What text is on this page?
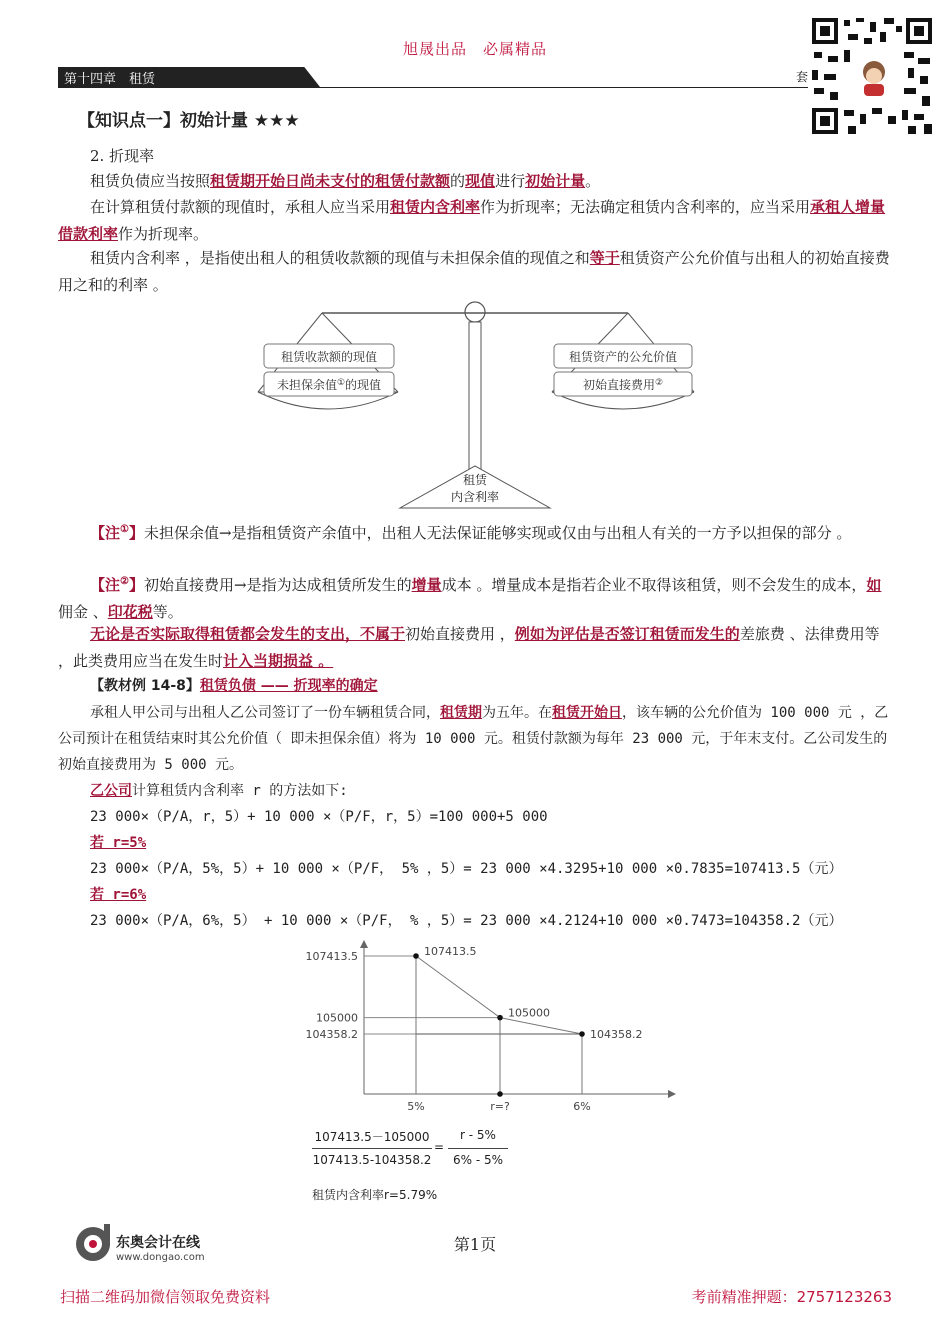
旭晟出品　必属精品
第十四章　租赁	套
【知识点一】初始计量 ★★★
2. 折现率
租赁负债应当按照租赁期开始日尚未支付的租赁付款额的现值进行初始计量。
在计算租赁付款额的现值时，承租人应当采用租赁内含利率作为折现率；无法确定租赁内含利率的，应当采用承租人增量借款利率作为折现率。
租赁内含利率 ，是指使出租人的租赁收款额的现值与未担保余值的现值之和等于租赁资产公允价值与出租人的初始直接费用之和的利率 。
租赁收款额的现值
未担保余值①的现值
租赁资产的公允价值
初始直接费用②
租赁
内含利率
【注①】未担保余值→是指租赁资产余值中，出租人无法保证能够实现或仅由与出租人有关的一方予以担保的部分 。
【注②】初始直接费用→是指为达成租赁所发生的增量成本 。增量成本是指若企业不取得该租赁，则不会发生的成本，如佣金 、印花税等。
无论是否实际取得租赁都会发生的支出，不属于初始直接费用 ，例如为评估是否签订租赁而发生的差旅费 、法律费用等 ，此类费用应当在发生时计入当期损益 。
【教材例 14-8】租赁负债 —— 折现率的确定
承租人甲公司与出租人乙公司签订了一份车辆租赁合同，租赁期为五年。在租赁开始日，该车辆的公允价值为 100 000 元 ，乙公司预计在租赁结束时其公允价值（ 即未担保余值）将为 10 000 元。租赁付款额为每年 23 000 元，于年末支付。乙公司发生的初始直接费用为 5 000 元。
乙公司计算租赁内含利率 r 的方法如下:
23 000×（P/A，r，5）+ 10 000 ×（P/F，r，5）=100 000+5 000
若 r=5%
23 000×（P/A，5%，5）+ 10 000 ×（P/F， 5% ，5）= 23 000 ×4.3295+10 000 ×0.7835=107413.5（元）
若 r=6%
23 000×（P/A，6%，5） + 10 000 ×（P/F， % ，5）= 23 000 ×4.2124+10 000 ×0.7473=104358.2（元）
107413.5
105000
104358.2
107413.5
105000
104358.2
5%	r=?	6%
107413.5－105000
107413.5-104358.2
=
r - 5%
6% - 5%
租赁内含利率r=5.79%
东奥会计在线
www.dongao.com
第1页
扫描二维码加微信领取免费资料	考前精准押题：2757123263
